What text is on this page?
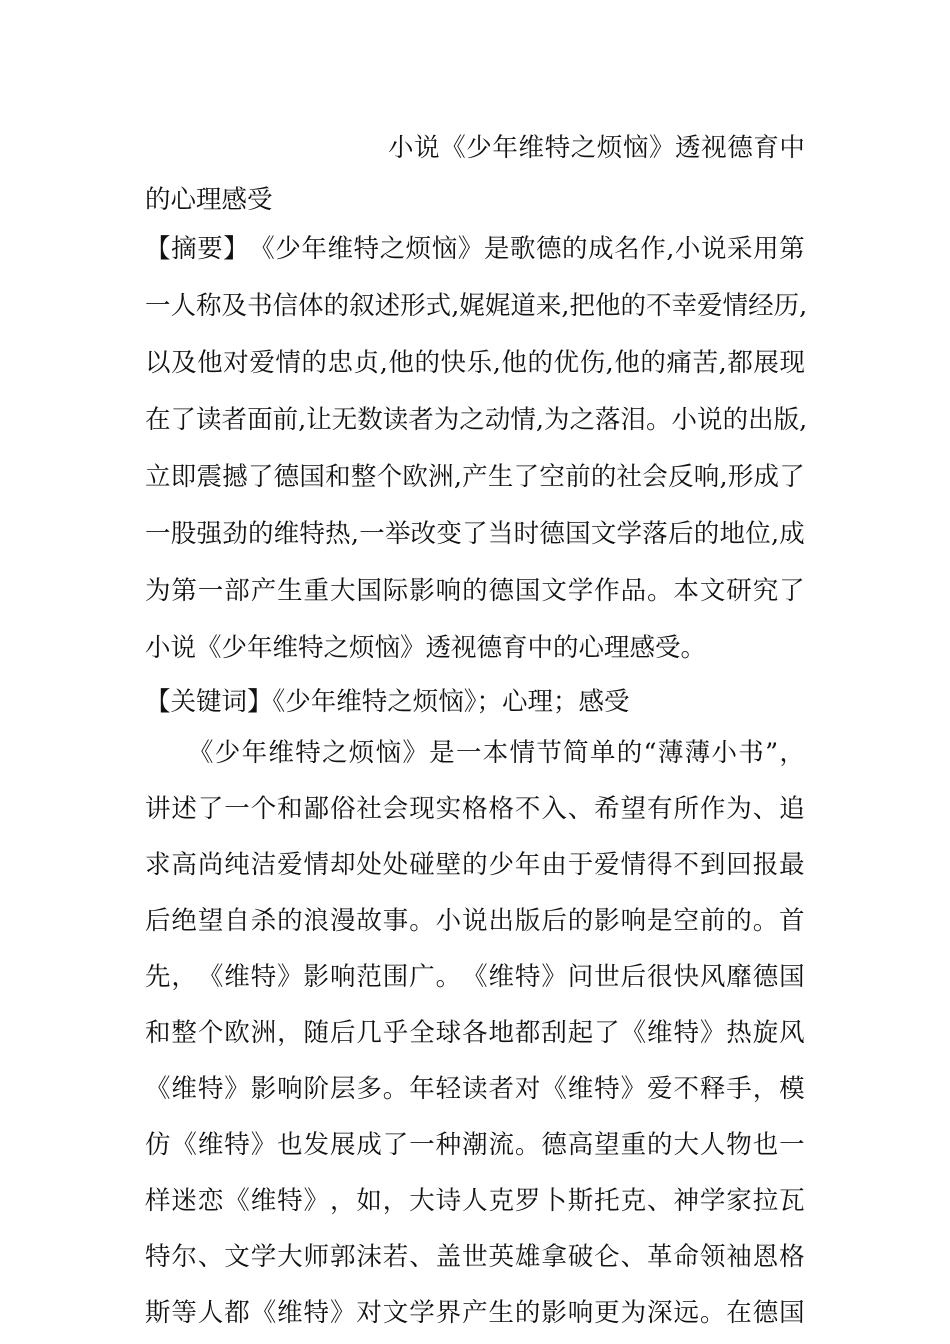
小 说 《 少 年 维 特 之 烦 恼 》 透 视 德 育 中
的心理感受
【 摘 要 】 《 少 年 维 特 之 烦 恼 》 是 歌 德 的 成 名 作 , 小 说 采 用 第
一 人 称 及 书 信 体 的 叙 述 形 式 , 娓 娓 道 来 , 把 他 的 不 幸 爱 情 经 历 ,
以 及 他 对 爱 情 的 忠 贞 , 他 的 快 乐 , 他 的 优 伤 , 他 的 痛 苦 , 都 展 现
在 了 读 者 面 前 , 让 无 数 读 者 为 之 动 情 , 为 之 落 泪 。 小 说 的 出 版 ,
立 即 震 撼 了 德 国 和 整 个 欧 洲 , 产 生 了 空 前 的 社 会 反 响 , 形 成 了
一 股 强 劲 的 维 特 热 , 一 举 改 变 了 当 时 德 国 文 学 落 后 的 地 位 , 成
为 第 一 部 产 生 重 大 国 际 影 响 的 德 国 文 学 作 品 。 本 文 研 究 了
小说《少年维特之烦恼》透视德育中的心理感受。
【关键词】《少年维特之烦恼》；心理；感受
《 少 年 维 特 之 烦 恼 》 是 一 本 情 节 简 单 的 “ 薄 薄 小 书 ” ，
讲 述 了 一 个 和 鄙 俗 社 会 现 实 格 格 不 入 、 希 望 有 所 作 为 、 追
求 高 尚 纯 洁 爱 情 却 处 处 碰 壁 的 少 年 由 于 爱 情 得 不 到 回 报 最
后 绝 望 自 杀 的 浪 漫 故 事 。 小 说 出 版 后 的 影 响 是 空 前 的 。 首
先 ， 《 维 特 》 影 响 范 围 广 。 《 维 特 》 问 世 后 很 快 风 靡 德 国
和 整 个 欧 洲 ， 随 后 几 乎 全 球 各 地 都 刮 起 了 《 维 特 》 热 旋 风
《 维 特 》 影 响 阶 层 多 。 年 轻 读 者 对 《 维 特 》 爱 不 释 手 ， 模
仿 《 维 特 》 也 发 展 成 了 一 种 潮 流 。 德 高 望 重 的 大 人 物 也 一
样 迷 恋 《 维 特 》 ， 如 ， 大 诗 人 克 罗 卜 斯 托 克 、 神 学 家 拉 瓦
特 尔 、 文 学 大 师 郭 沫 若 、 盖 世 英 雄 拿 破 仑 、 革 命 领 袖 恩 格
斯 等 人 都 《 维 特 》 对 文 学 界 产 生 的 影 响 更 为 深 远 。 在 德 国
